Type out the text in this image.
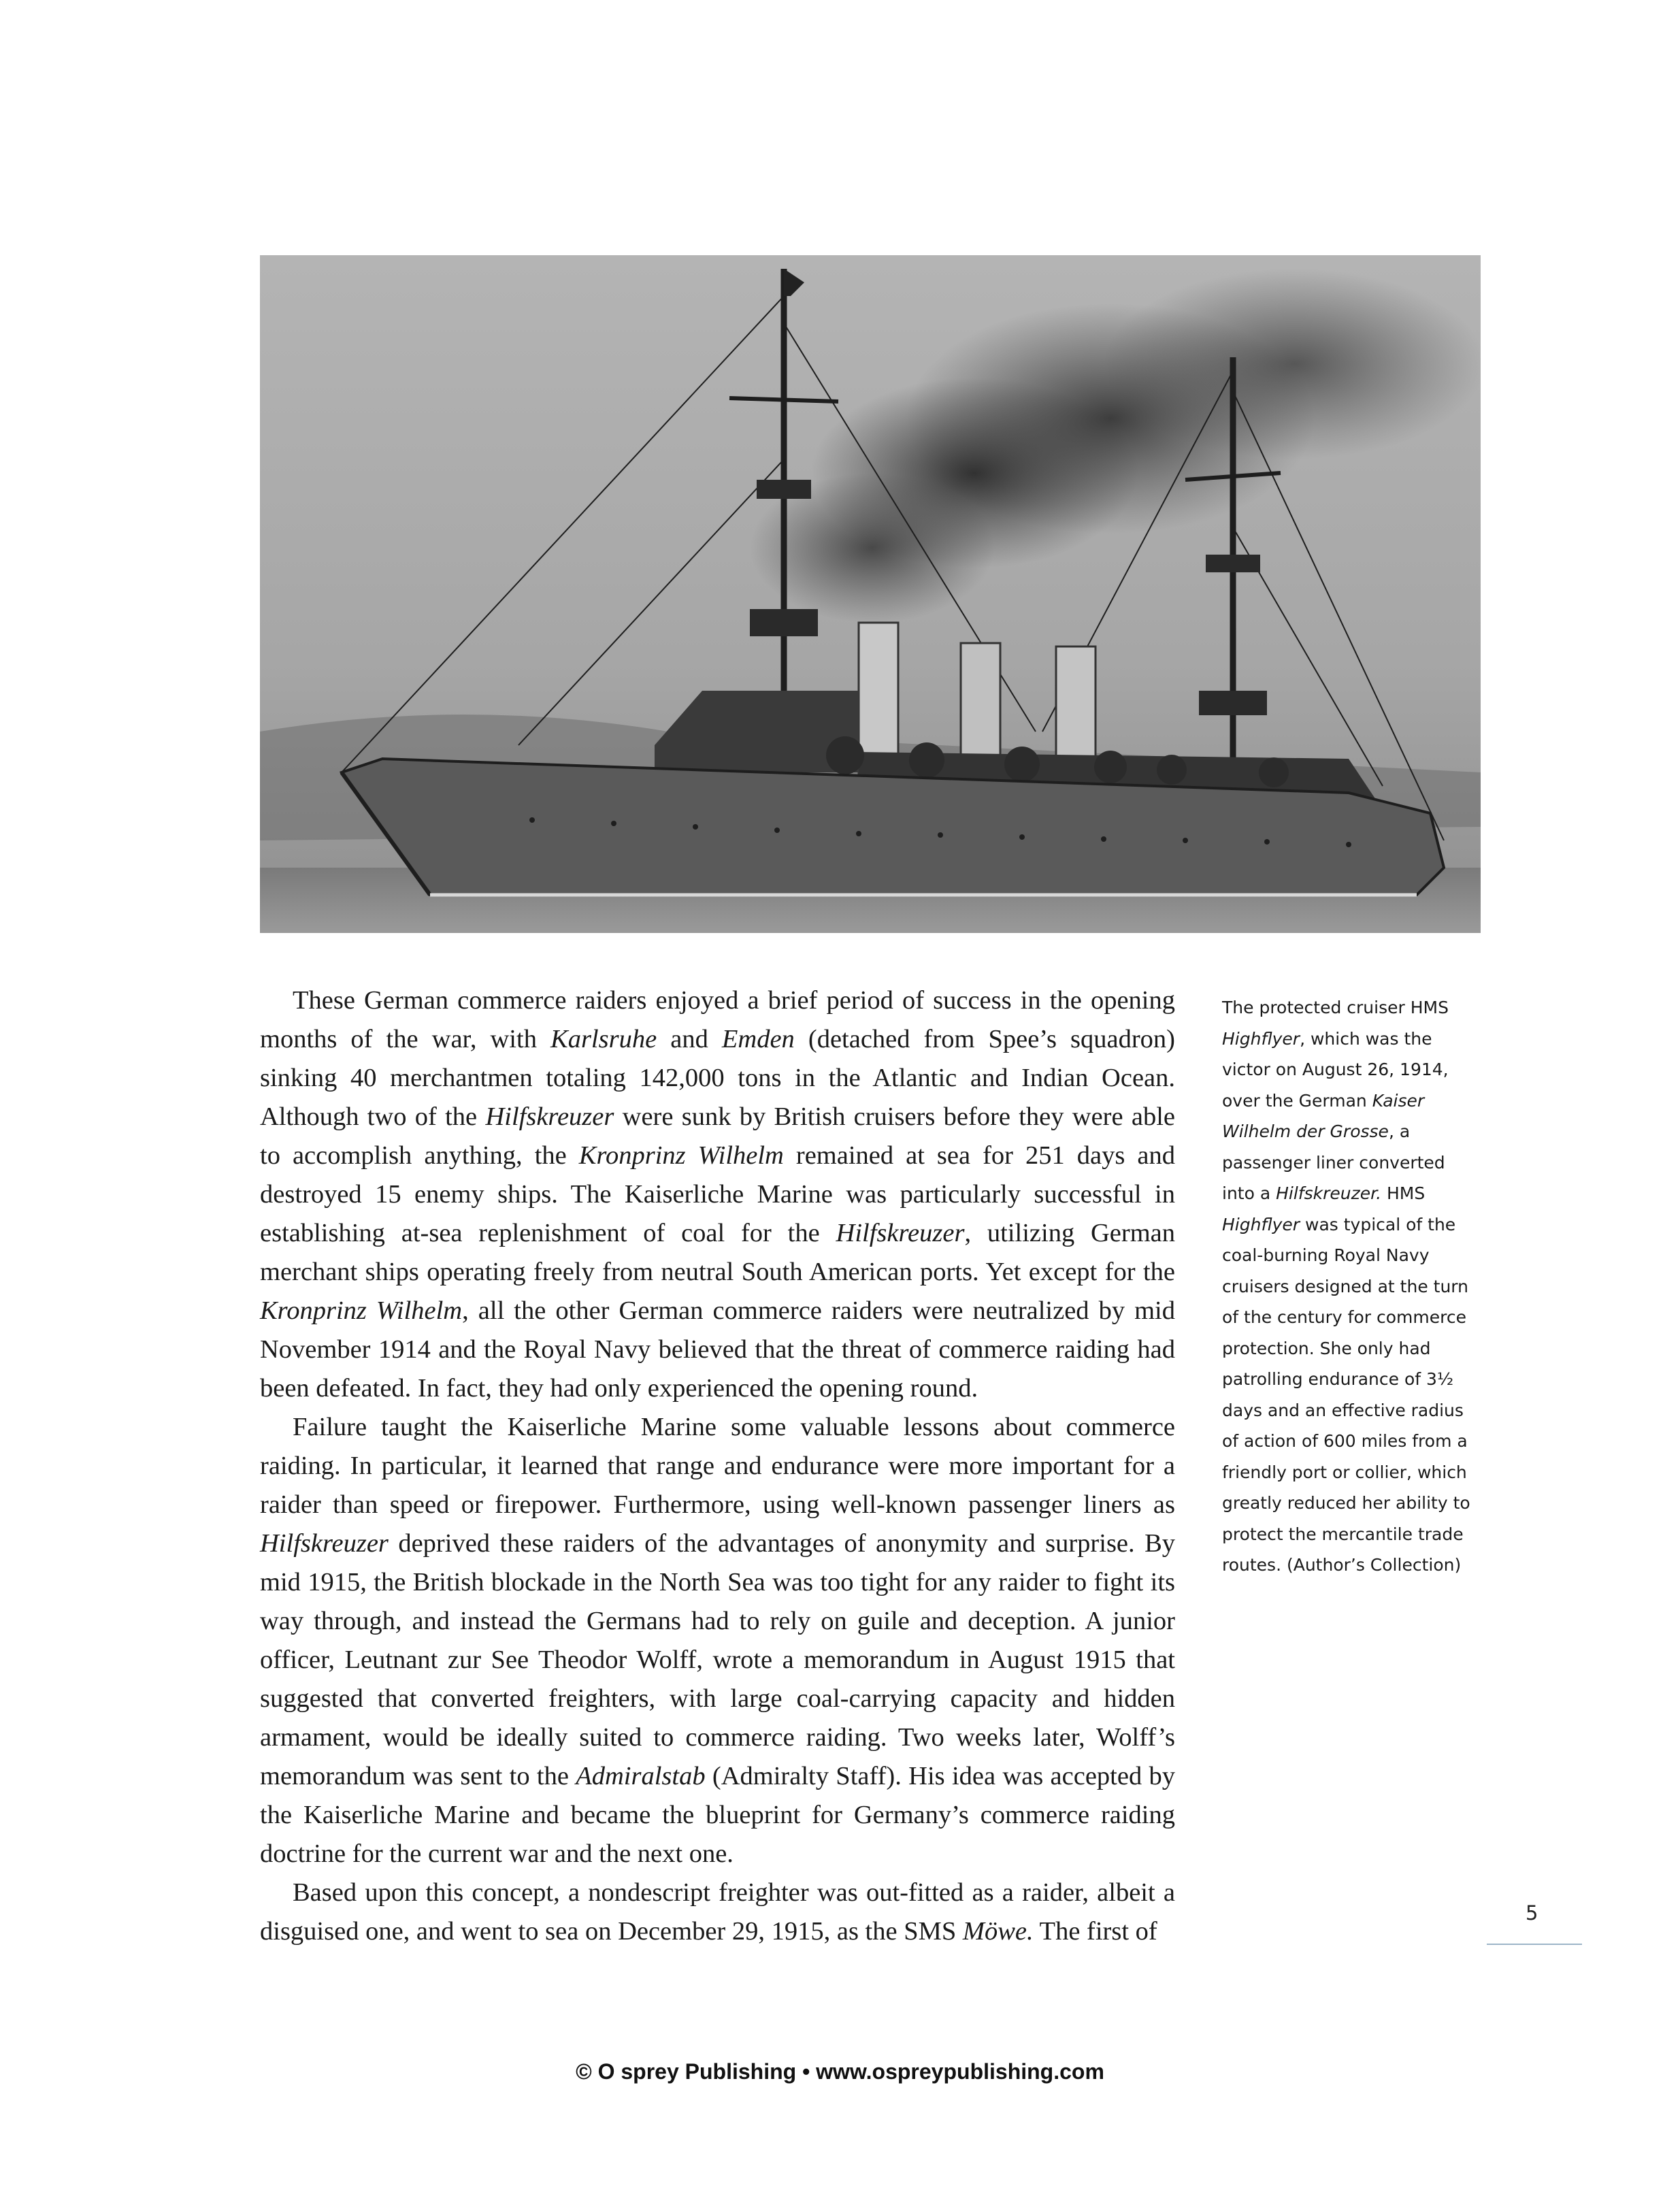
These German commerce raiders enjoyed a brief period of success in the opening months of the war, with Karlsruhe and Emden (detached from Spee’s squadron) sinking 40 merchantmen totaling 142,000 tons in the Atlantic and Indian Ocean. Although two of the Hilfskreuzer were sunk by British cruisers before they were able to accomplish anything, the Kronprinz Wilhelm remained at sea for 251 days and destroyed 15 enemy ships. The Kaiserliche Marine was particularly successful in establishing at-sea replenishment of coal for the Hilfskreuzer, utilizing German merchant ships operating freely from neutral South American ports. Yet except for the Kronprinz Wilhelm, all the other German commerce raiders were neutralized by mid November 1914 and the Royal Navy believed that the threat of commerce raiding had been defeated. In fact, they had only experienced the opening round.

Failure taught the Kaiserliche Marine some valuable lessons about commerce raiding. In particular, it learned that range and endurance were more important for a raider than speed or firepower. Furthermore, using well-known passenger liners as Hilfskreuzer deprived these raiders of the advantages of anonymity and surprise. By mid 1915, the British blockade in the North Sea was too tight for any raider to fight its way through, and instead the Germans had to rely on guile and deception. A junior officer, Leutnant zur See Theodor Wolff, wrote a memorandum in August 1915 that suggested that converted freighters, with large coal-carrying capacity and hidden armament, would be ideally suited to commerce raiding. Two weeks later, Wolff’s memorandum was sent to the Admiralstab (Admiralty Staff). His idea was accepted by the Kaiserliche Marine and became the blueprint for Germany’s commerce raiding doctrine for the current war and the next one.

Based upon this concept, a nondescript freighter was out-fitted as a raider, albeit a disguised one, and went to sea on December 29, 1915, as the SMS Möwe. The first of

The protected cruiser HMS Highflyer, which was the victor on August 26, 1914, over the German Kaiser Wilhelm der Grosse, a passenger liner converted into a Hilfskreuzer. HMS Highflyer was typical of the coal-burning Royal Navy cruisers designed at the turn of the century for commerce protection. She only had patrolling endurance of 3½ days and an effective radius of action of 600 miles from a friendly port or collier, which greatly reduced her ability to protect the mercantile trade routes. (Author’s Collection)

5
© O sprey Publishing • www.ospreypublishing.com
